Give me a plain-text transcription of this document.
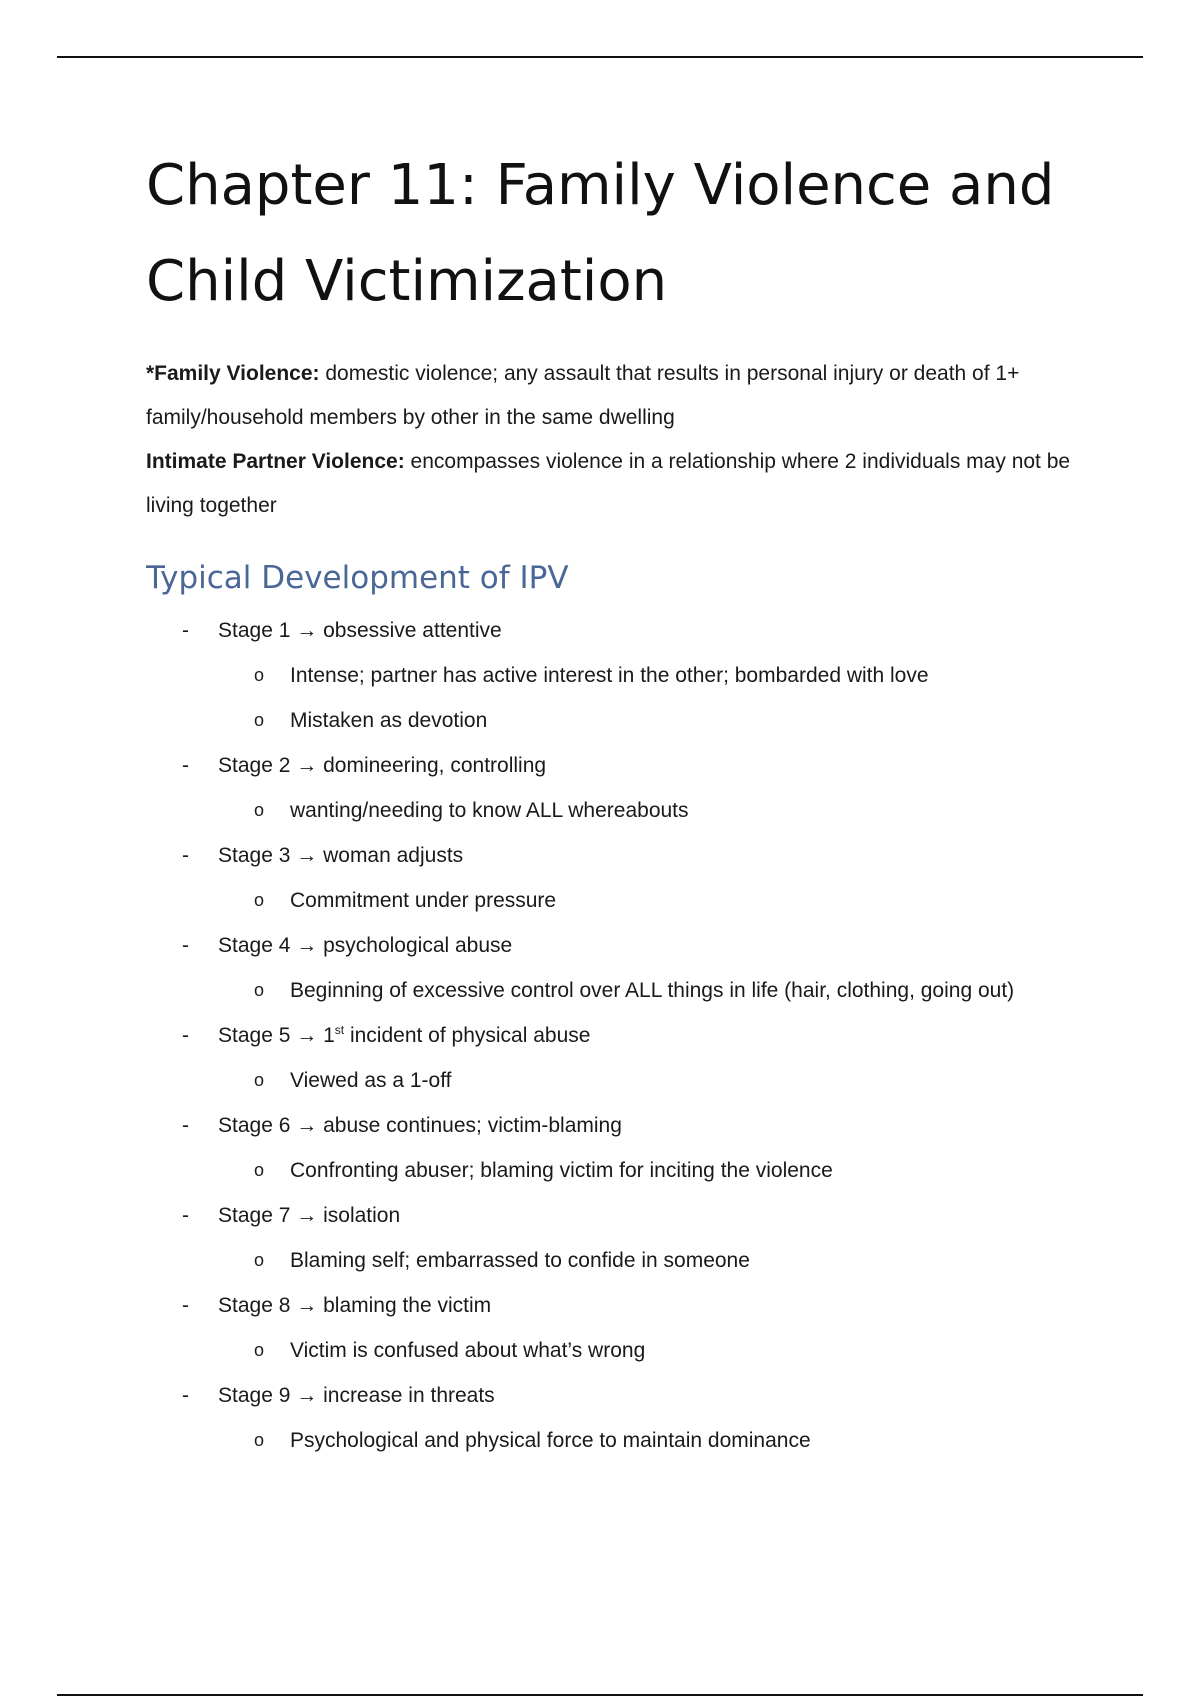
Chapter 11: Family Violence and
Child Victimization

*Family Violence: domestic violence; any assault that results in personal injury or death of 1+ family/household members by other in the same dwelling

Intimate Partner Violence: encompasses violence in a relationship where 2 individuals may not be living together

Typical Development of IPV
- Stage 1 → obsessive attentive
o Intense; partner has active interest in the other; bombarded with love
o Mistaken as devotion
- Stage 2 → domineering, controlling
o wanting/needing to know ALL whereabouts
- Stage 3 → woman adjusts
o Commitment under pressure
- Stage 4 → psychological abuse
o Beginning of excessive control over ALL things in life (hair, clothing, going out)
- Stage 5 → 1st incident of physical abuse
o Viewed as a 1-off
- Stage 6 → abuse continues; victim-blaming
o Confronting abuser; blaming victim for inciting the violence
- Stage 7 → isolation
o Blaming self; embarrassed to confide in someone
- Stage 8 → blaming the victim
o Victim is confused about what’s wrong
- Stage 9 → increase in threats
o Psychological and physical force to maintain dominance
